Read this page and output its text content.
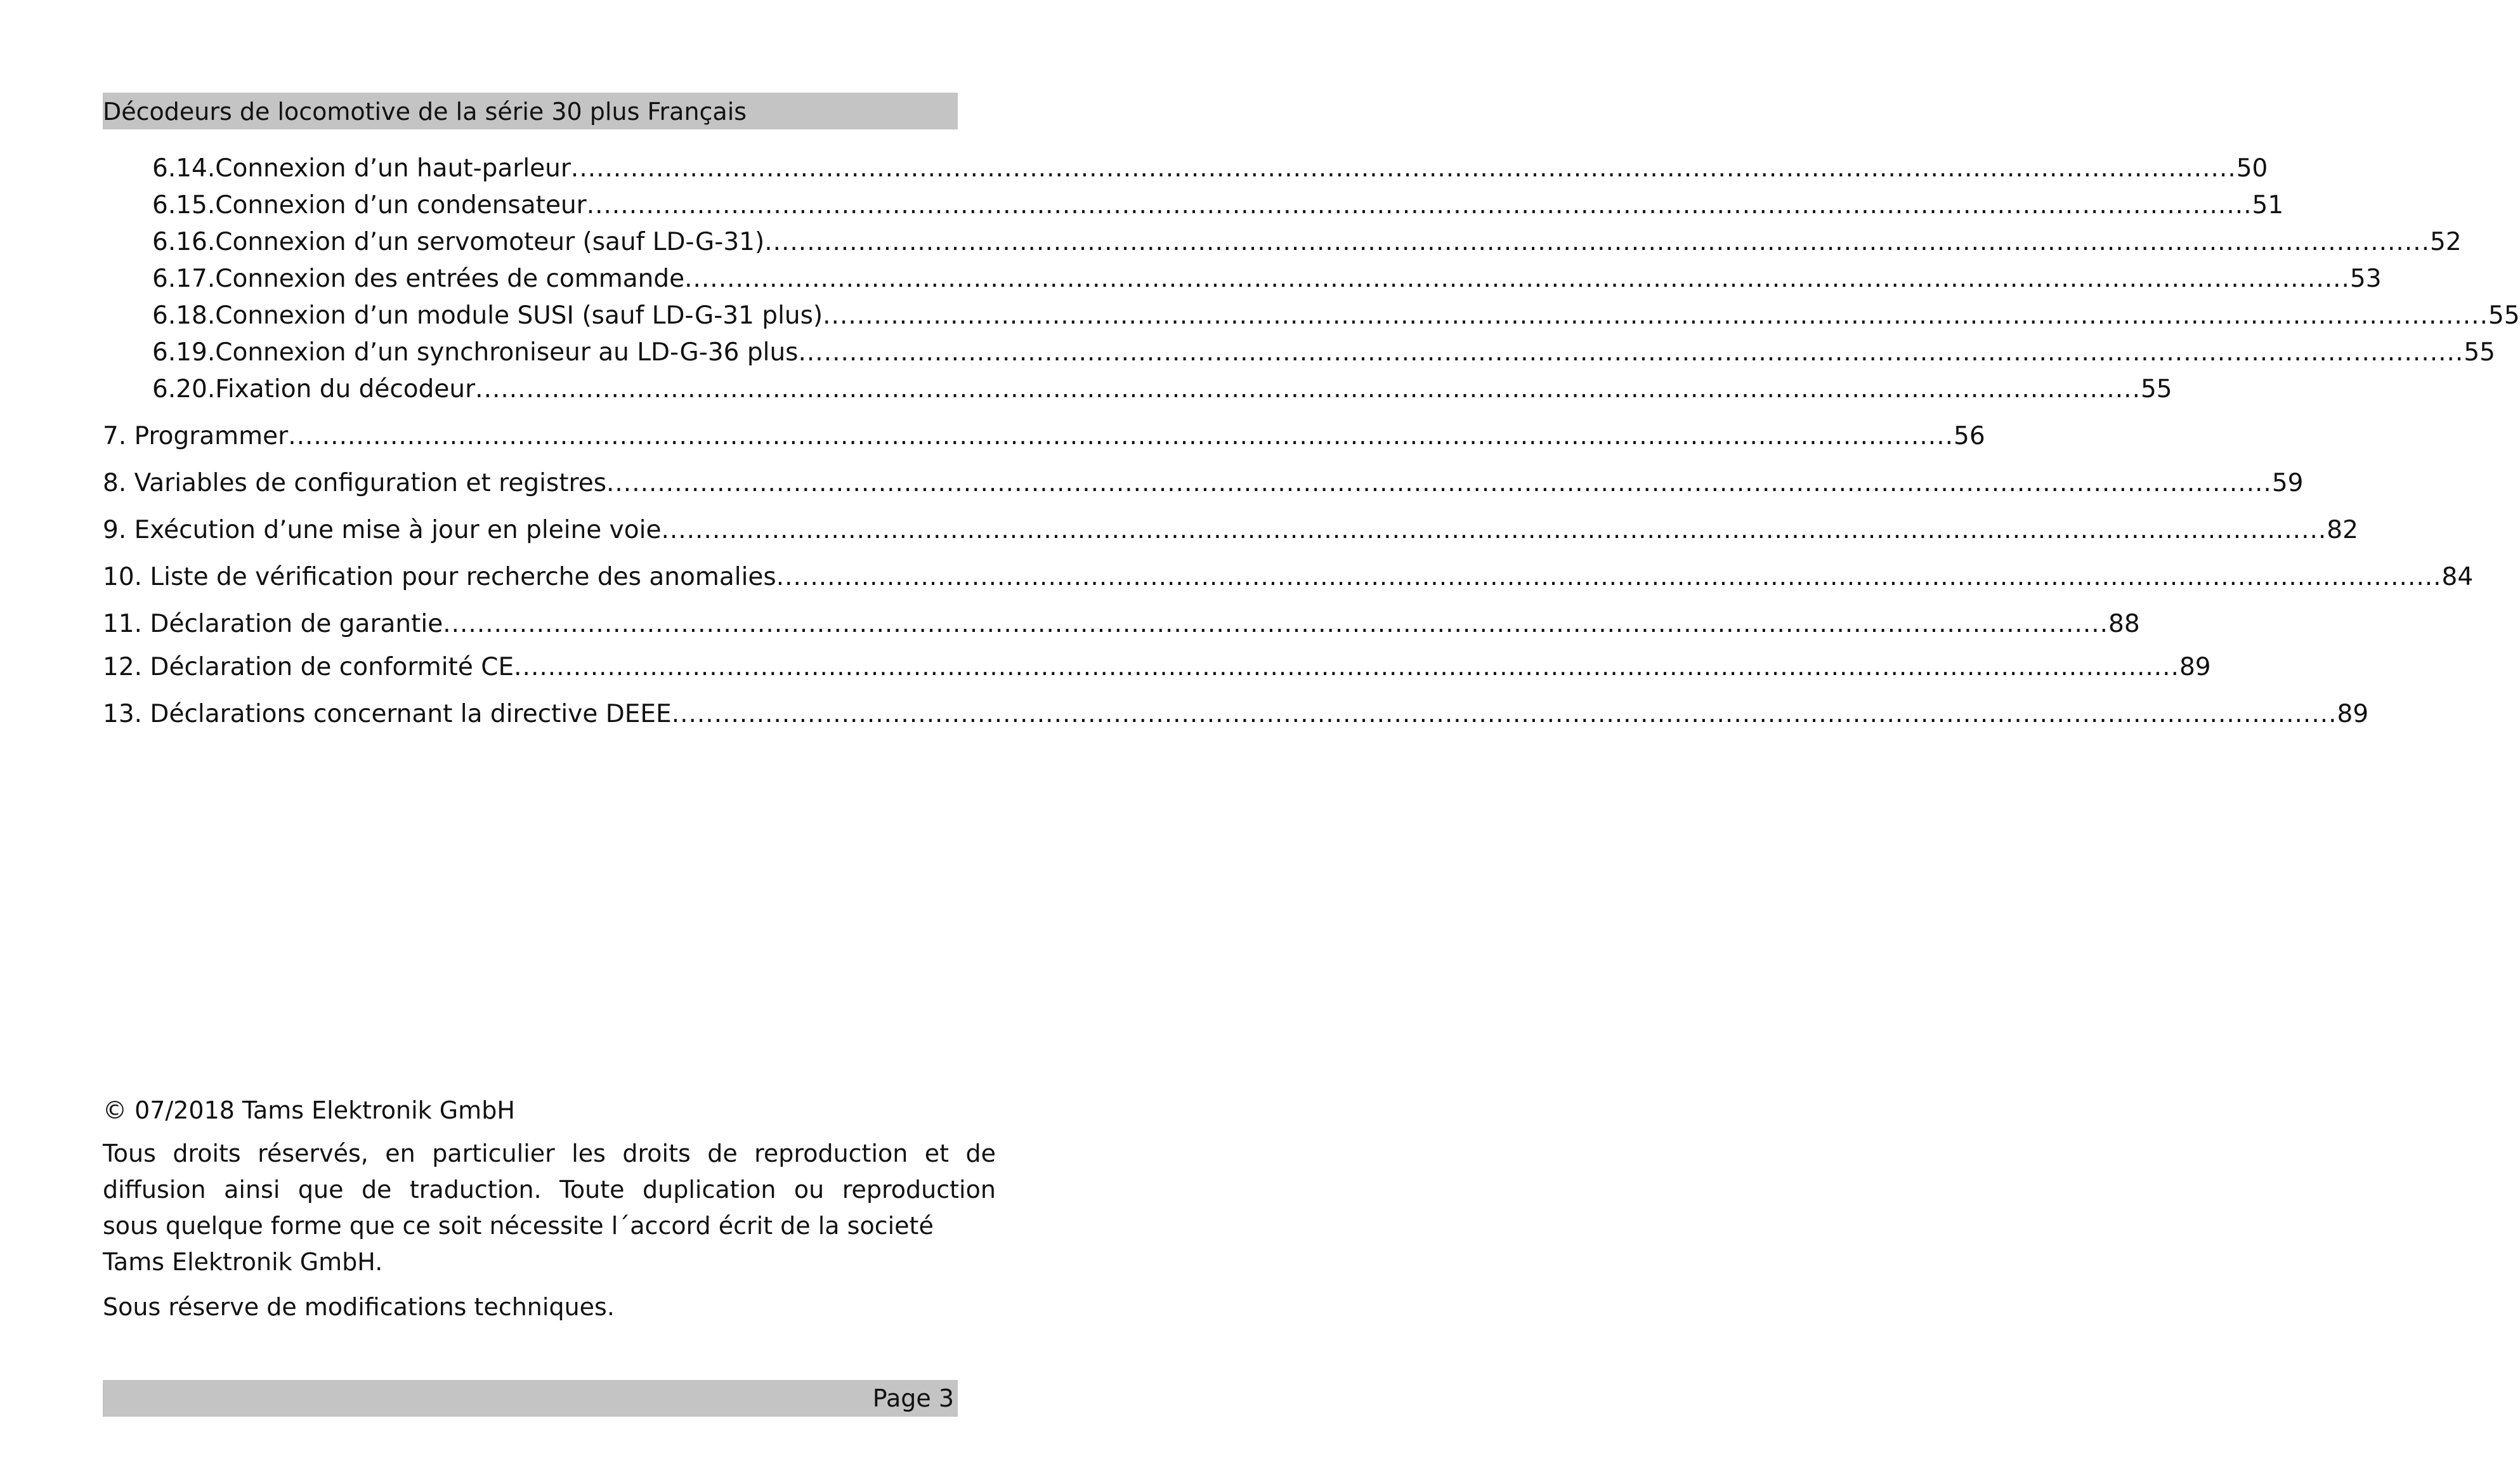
Décodeurs de locomotive de la série 30 plus Français
6.14.Connexion d’un haut-parleur .................................................................................................................................................................................................... 50
6.15.Connexion d’un condensateur .................................................................................................................................................................................................... 51
6.16.Connexion d’un servomoteur (sauf LD-G-31) .................................................................................................................................................................................................... 52
6.17.Connexion des entrées de commande .................................................................................................................................................................................................... 53
6.18.Connexion d’un module SUSI (sauf LD-G-31 plus) .................................................................................................................................................................................................... 55
6.19.Connexion d’un synchroniseur au LD-G-36 plus .................................................................................................................................................................................................... 55
6.20.Fixation du décodeur .................................................................................................................................................................................................... 55
7. Programmer .................................................................................................................................................................................................... 56
8. Variables de configuration et registres .................................................................................................................................................................................................... 59
9. Exécution d’une mise à jour en pleine voie .................................................................................................................................................................................................... 82
10. Liste de vérification pour recherche des anomalies .................................................................................................................................................................................................... 84
11. Déclaration de garantie .................................................................................................................................................................................................... 88
12. Déclaration de conformité CE .................................................................................................................................................................................................... 89
13. Déclarations concernant la directive DEEE .................................................................................................................................................................................................... 89
© 07/2018 Tams Elektronik GmbH
Tous droits réservés, en particulier les droits de reproduction et de
diffusion ainsi que de traduction. Toute duplication ou reproduction
sous quelque forme que ce soit nécessite l´accord écrit de la societé
Tams Elektronik GmbH.
Sous réserve de modifications techniques.
Page 3
